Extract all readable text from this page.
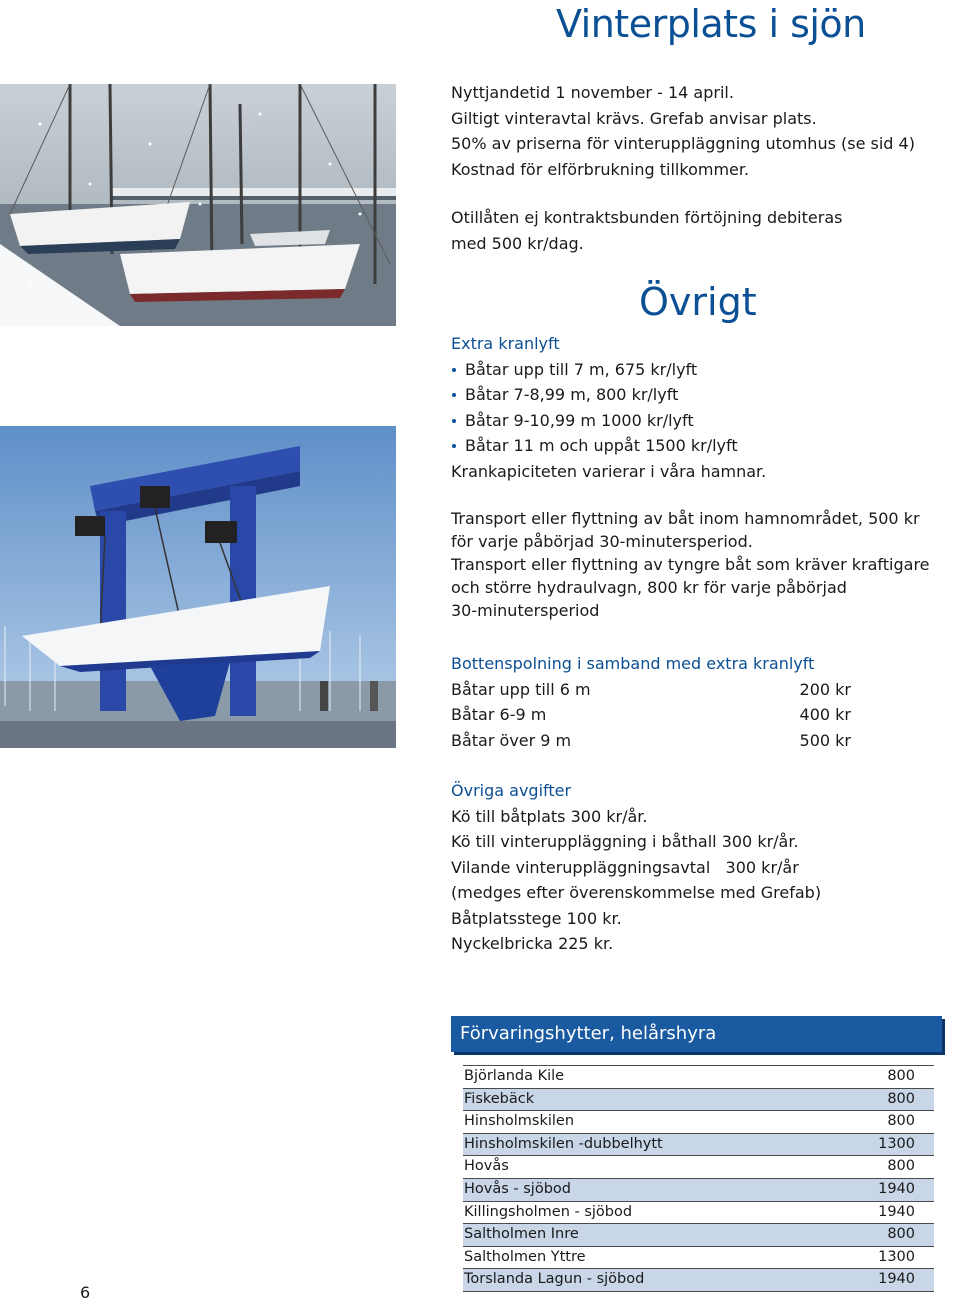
Vinterplats i sjön
Nyttjandetid 1 november - 14 april.
Giltigt vinteravtal krävs. Grefab anvisar plats.
50% av priserna för vinteruppläggning utomhus (se sid 4)
Kostnad för elförbrukning tillkommer.
Otillåten ej kontraktsbunden förtöjning debiteras
med 500 kr/dag.
Övrigt
Extra kranlyft
Båtar upp till 7 m, 675 kr/lyft
Båtar 7-8,99 m, 800 kr/lyft
Båtar 9-10,99 m 1000 kr/lyft
Båtar 11 m och uppåt 1500 kr/lyft
Krankapiciteten varierar i våra hamnar.
Transport eller flyttning av båt inom hamnområdet, 500 kr
för varje påbörjad 30-minutersperiod.
Transport eller flyttning av tyngre båt som kräver kraftigare
och större hydraulvagn, 800 kr för varje påbörjad
30-minutersperiod
Bottenspolning i samband med extra kranlyft
Båtar upp till 6 m	200 kr
Båtar 6-9 m	400 kr
Båtar över 9 m	500 kr
Övriga avgifter
Kö till båtplats 300 kr/år.
Kö till vinteruppläggning i båthall 300 kr/år.
Vilande vinteruppläggningsavtal   300 kr/år
(medges efter överenskommelse med Grefab)
Båtplatsstege 100 kr.
Nyckelbricka 225 kr.
Förvaringshytter, helårshyra
Björlanda Kile	800
Fiskebäck	800
Hinsholmskilen	800
Hinsholmskilen -dubbelhytt	1300
Hovås	800
Hovås - sjöbod	1940
Killingsholmen - sjöbod	1940
Saltholmen Inre	800
Saltholmen Yttre	1300
Torslanda Lagun - sjöbod	1940
6
